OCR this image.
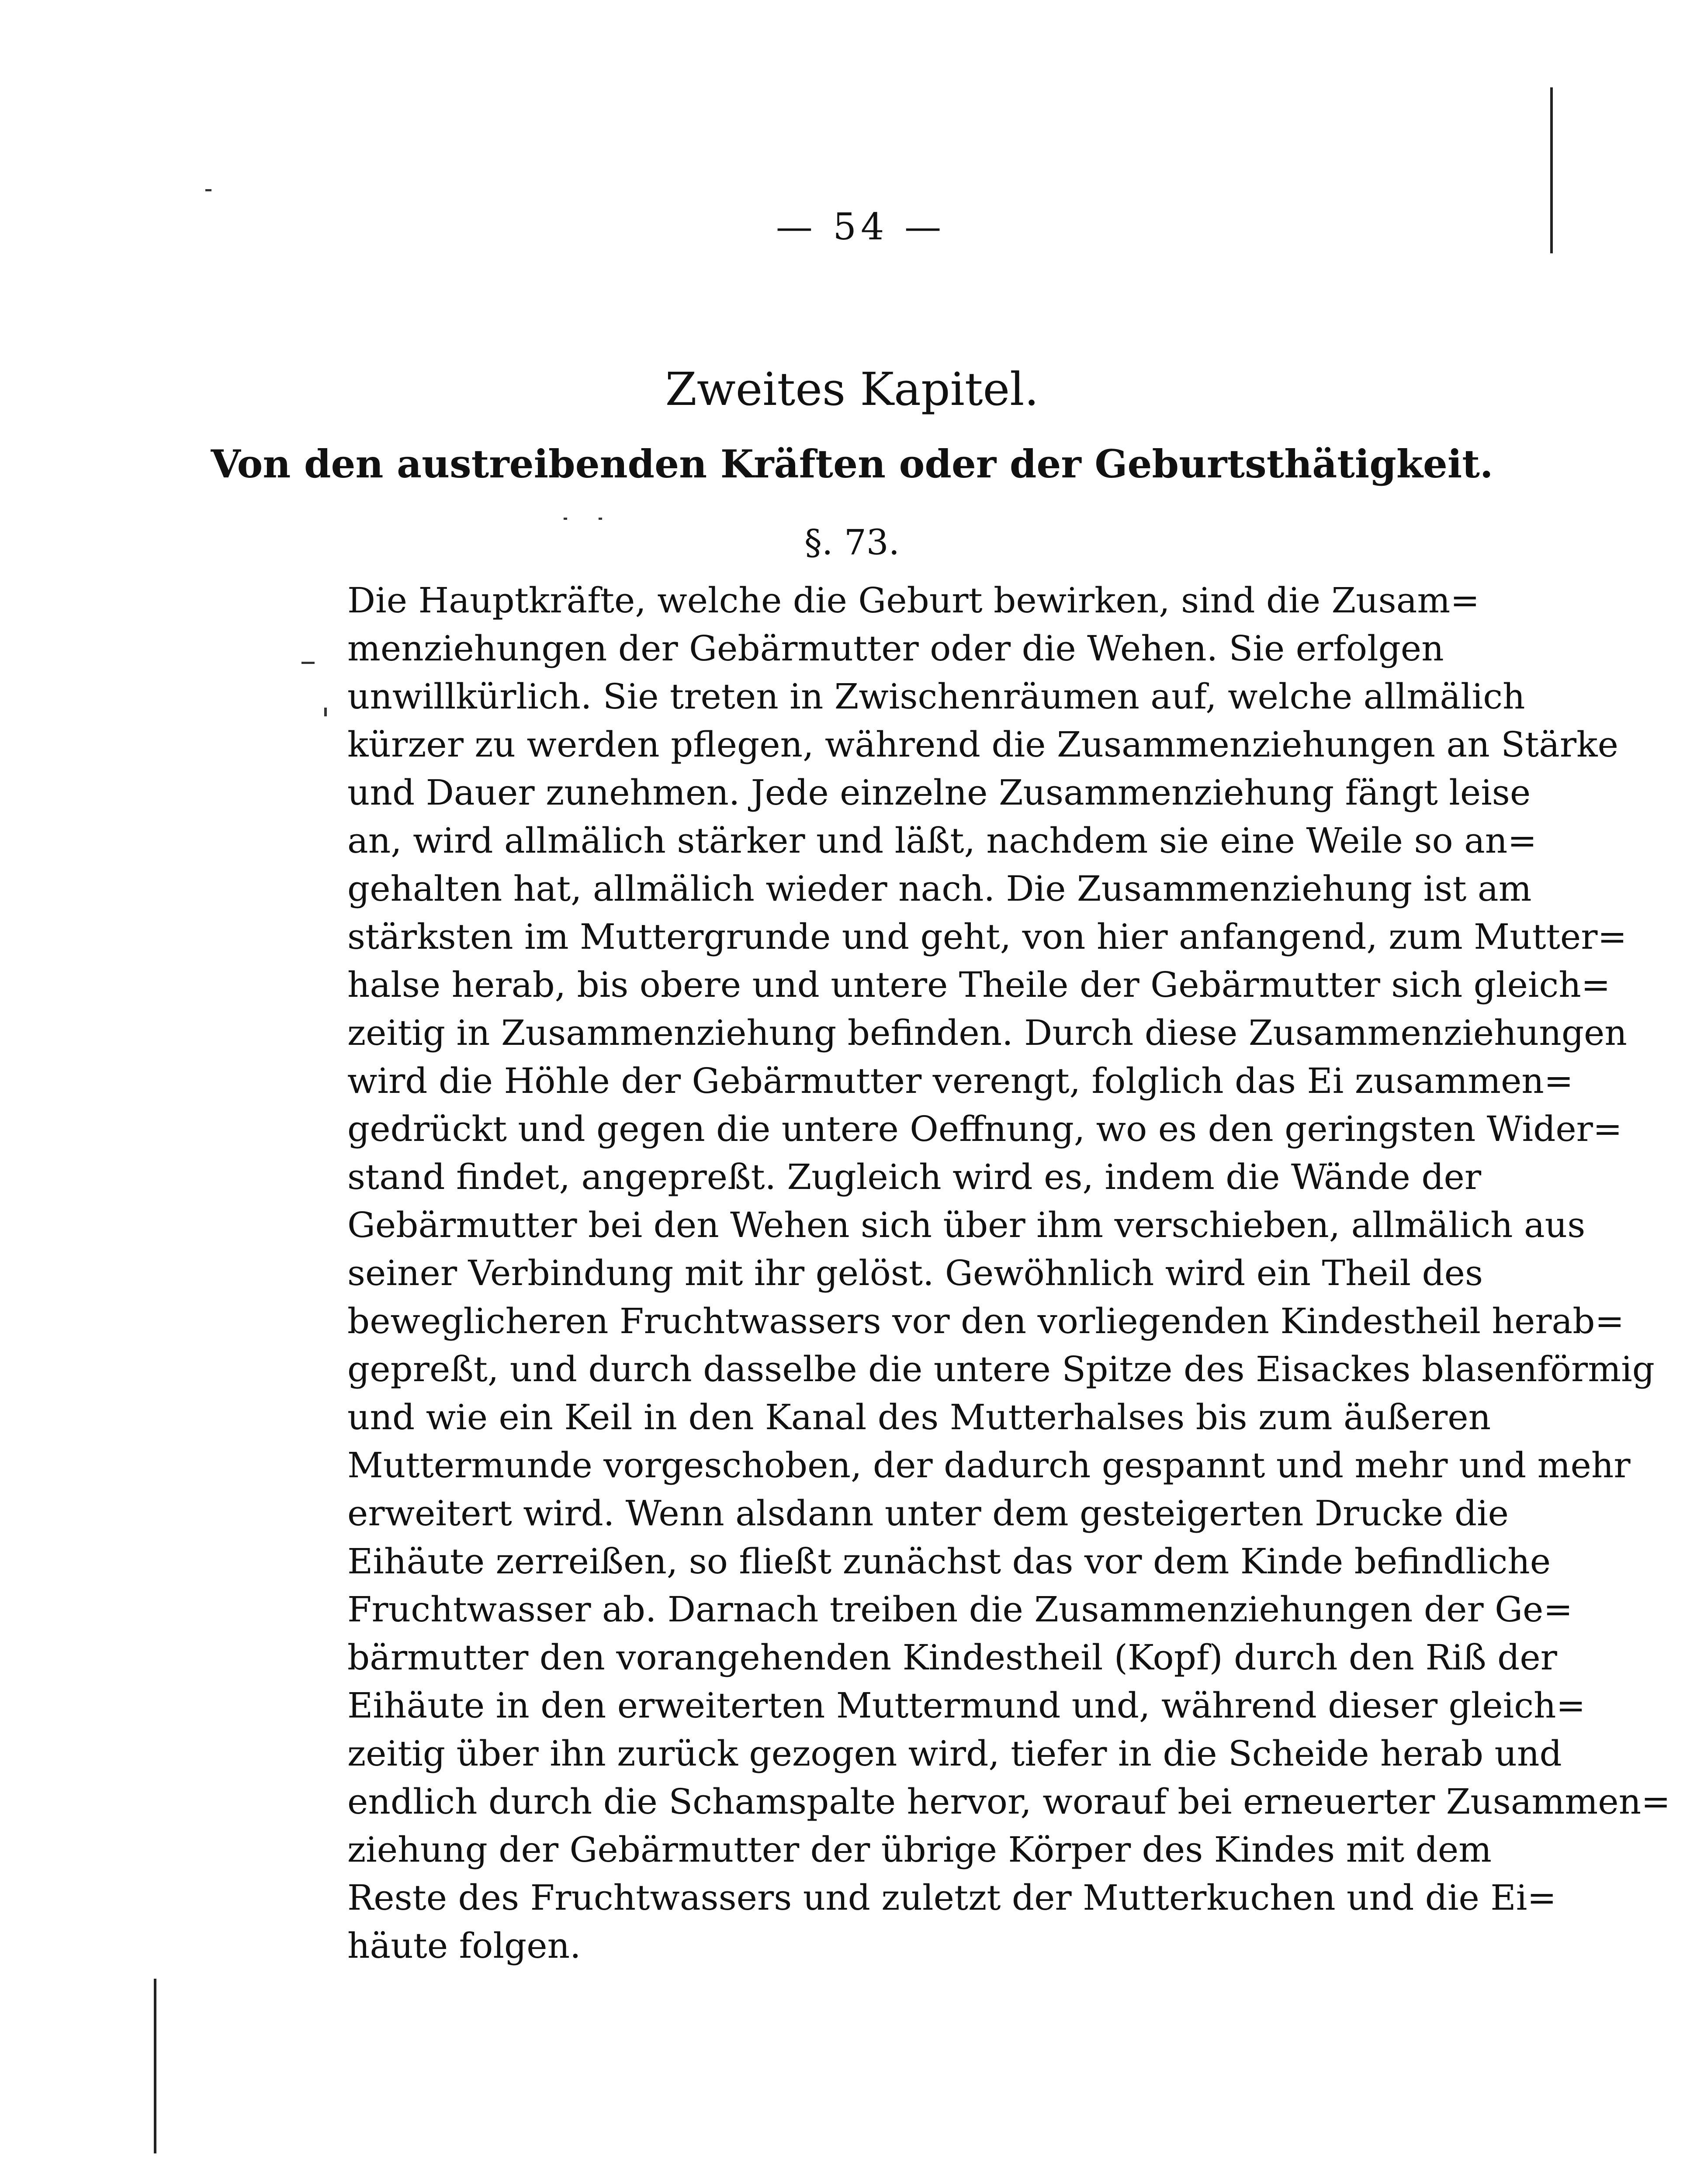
— 54 —
Zweites Kapitel.
Von den austreibenden Kräften oder der Geburtsthätigkeit.
§. 73.
Die Hauptkräfte, welche die Geburt bewirken, sind die Zusam=
menziehungen der Gebärmutter oder die Wehen. Sie erfolgen
unwillkürlich. Sie treten in Zwischenräumen auf, welche allmälich
kürzer zu werden pflegen, während die Zusammenziehungen an Stärke
und Dauer zunehmen. Jede einzelne Zusammenziehung fängt leise
an, wird allmälich stärker und läßt, nachdem sie eine Weile so an=
gehalten hat, allmälich wieder nach. Die Zusammenziehung ist am
stärksten im Muttergrunde und geht, von hier anfangend, zum Mutter=
halse herab, bis obere und untere Theile der Gebärmutter sich gleich=
zeitig in Zusammenziehung befinden. Durch diese Zusammenziehungen
wird die Höhle der Gebärmutter verengt, folglich das Ei zusammen=
gedrückt und gegen die untere Oeffnung, wo es den geringsten Wider=
stand findet, angepreßt. Zugleich wird es, indem die Wände der
Gebärmutter bei den Wehen sich über ihm verschieben, allmälich aus
seiner Verbindung mit ihr gelöst. Gewöhnlich wird ein Theil des
beweglicheren Fruchtwassers vor den vorliegenden Kindestheil herab=
gepreßt, und durch dasselbe die untere Spitze des Eisackes blasenförmig
und wie ein Keil in den Kanal des Mutterhalses bis zum äußeren
Muttermunde vorgeschoben, der dadurch gespannt und mehr und mehr
erweitert wird. Wenn alsdann unter dem gesteigerten Drucke die
Eihäute zerreißen, so fließt zunächst das vor dem Kinde befindliche
Fruchtwasser ab. Darnach treiben die Zusammenziehungen der Ge=
bärmutter den vorangehenden Kindestheil (Kopf) durch den Riß der
Eihäute in den erweiterten Muttermund und, während dieser gleich=
zeitig über ihn zurück gezogen wird, tiefer in die Scheide herab und
endlich durch die Schamspalte hervor, worauf bei erneuerter Zusammen=
ziehung der Gebärmutter der übrige Körper des Kindes mit dem
Reste des Fruchtwassers und zuletzt der Mutterkuchen und die Ei=
häute folgen.
